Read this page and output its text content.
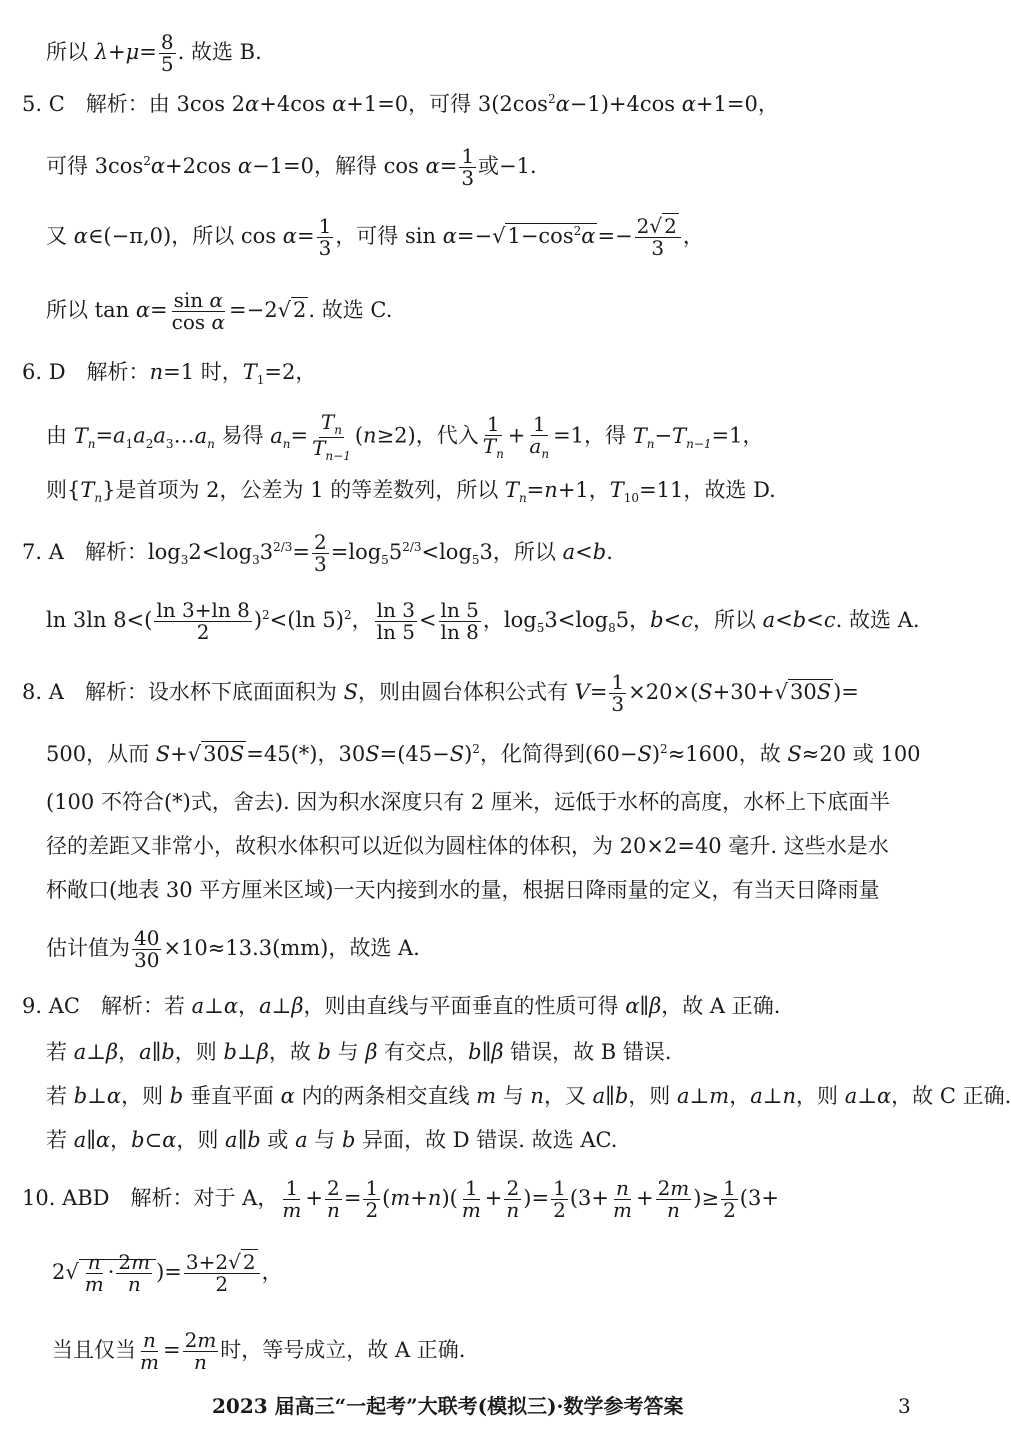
所以 $\lambda+\mu= \frac{8}{5}$ . 故选 B.
5. C　解析：由 3cos 2α+4cos α+1=0，可得 $3(2\cos^2\alpha-1)+4\cos$ α+1=0，
可得 $3\cos^2\alpha+2\cos$ α−1=0，解得 $\cos \alpha= \frac{1}{3}$ 或−1.
又 α∈(−π,0)，所以 $\cos \alpha= \frac{1}{3}$ ，可得 $\sin \alpha=-√1-\cos^2\alpha=- \frac{2√ 2}{3}$ ，
所以 $\tan \alpha= \frac{\text{sin α}}{\text{cos α}} =-2√2$. 故选 C.
6. D　解析：n=1 时，$T_1=2$，
由 $T_n=a_1a_2a_3\dots a_n$ 易得 $a_n= \frac{T_n}{T_{n-1}} (n\ge 2)$，代入 $\frac{1}{T_n} + \frac{1}{a_n} =1$，得 $T_n-T_{n-1}=1$，
则$\{T_n\}$是首项为 2，公差为 1 的等差数列，所以 $T_n=n+1$，$T_{10}=11$，故选 D.
7. A　解析：$\log_32<\log_33^{2/3}= \frac{2}{3} =\log_55^{2/3}<\log_53$，所以 a<b.
ln 3ln $8<( \frac{\ln 3+\ln 8}{2} )^2<(\ln$ 5)$^2$， $\frac{\ln 3}{\ln 5} < \frac{\ln 5}{\ln 8}$ ，$\log_53<\log_85$，b<c，所以 a<b<c. 故选 A.
8. A　解析：设水杯下底面面积为 S，则由圆台体积公式有 $V= \frac{1}{3} \times 20\times(S+30+√30S)=$
500，从而 S+√30S=45(*)，$30S=(45-S)^2$，化简得到$(60-S)^2\approx 1600$，故 S≈20 或 100
(100 不符合(*)式，舍去). 因为积水深度只有 2 厘米，远低于水杯的高度，水杯上下底面半
径的差距又非常小，故积水体积可以近似为圆柱体的体积，为 20×2=40 毫升. 这些水是水
杯敞口(地表 30 平方厘米区域)一天内接到水的量，根据日降雨量的定义，有当天日降雨量
估计值为 $\frac{40}{30} \times 10\approx 13.3(mm)$，故选 A.
9. AC　解析：若 a⊥α，a⊥β，则由直线与平面垂直的性质可得 α∥β，故 A 正确.
若 a⊥β，a∥b，则 b⊥β，故 b 与 β 有交点，b∥β 错误，故 B 错误.
若 b⊥α，则 b 垂直平面 α 内的两条相交直线 m 与 n，又 a∥b，则 a⊥m，a⊥n，则 a⊥α，故 C 正确.
若 a∥α，b⊂α，则 a∥b 或 a 与 b 异面，故 D 错误. 故选 AC.
10. ABD　解析：对于 A， $\frac{1}{m} + \frac{2}{n} = \frac{1}{2} (m+n)( \frac{1}{m} + \frac{2}{n}$ )= $\frac{1}{2} (3+ \frac{n}{m} + \frac{2m}{n}$ )≥ $\frac{1}{2} (3+$
$2√ \frac{n}{m} \cdot \frac{2m}{n}$ )= $\frac{3+2√ 2}{2}$ ，
当且仅当 $\frac{n}{m} = \frac{2m}{n}$ 时，等号成立，故 A 正确.
2023 届高三“一起考”大联考(模拟三)·数学参考答案	3
